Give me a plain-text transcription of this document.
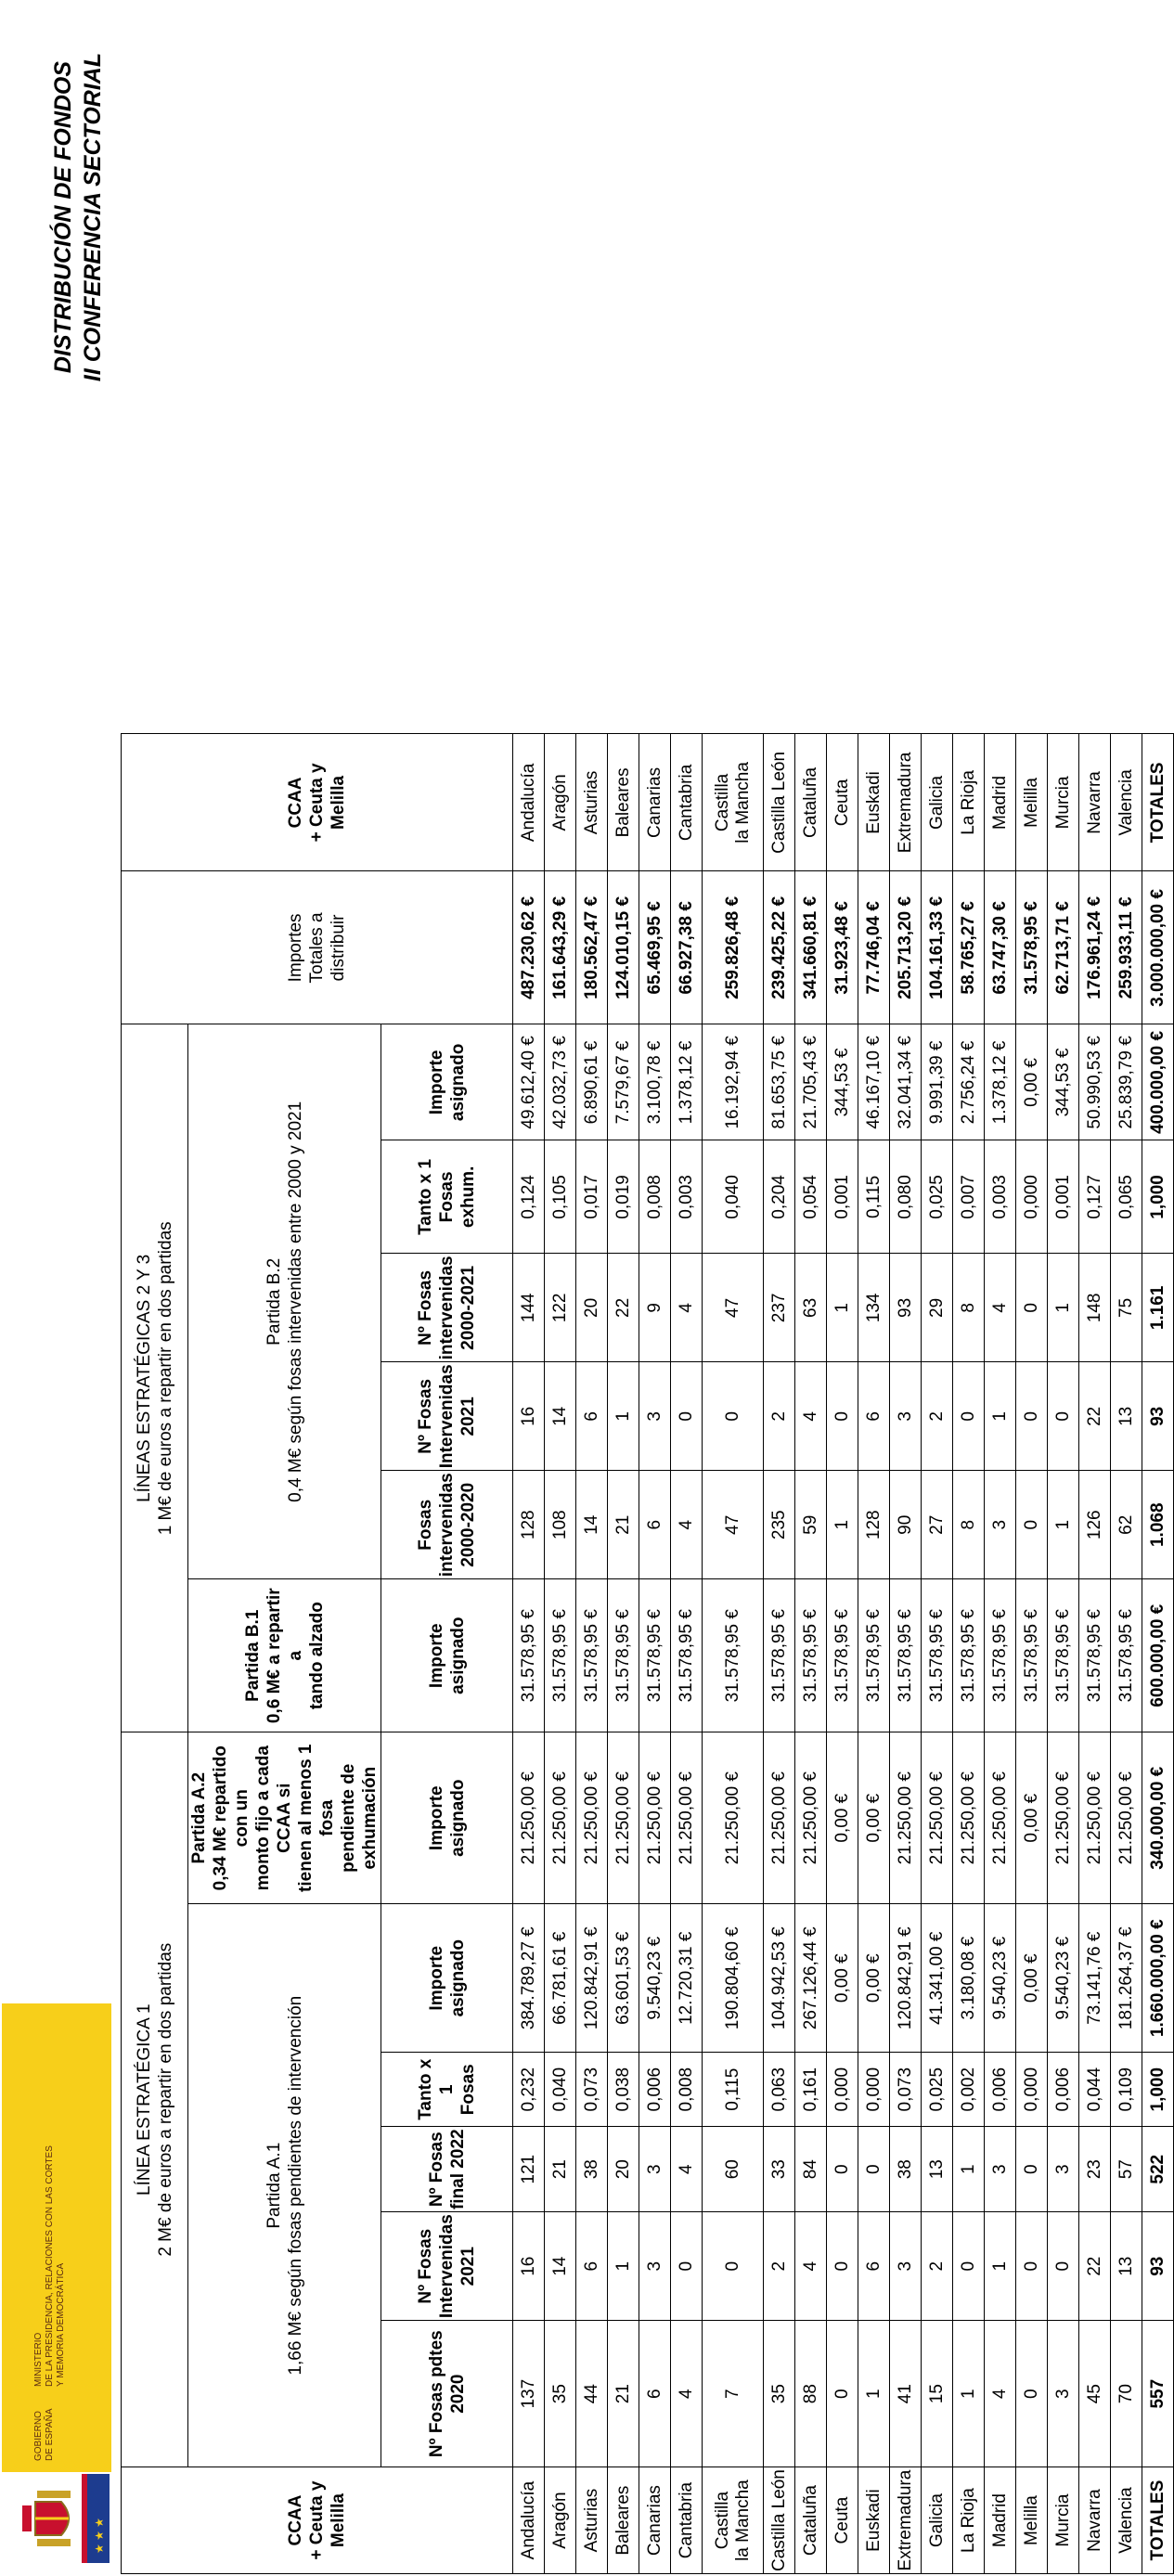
★ ★ ★
GOBIERNO DE ESPAÑA
MINISTERIO DE LA PRESIDENCIA, RELACIONES CON LAS CORTES Y MEMORIA DEMOCRÁTICA
DISTRIBUCIÓN DE FONDOS II CONFERENCIA SECTORIAL
CCAA + Ceuta y Melilla	LÍNEA ESTRATÉGICA 1 2 M€ de euros a repartir en dos partidas						LÍNEAS ESTRATÉGICAS 2 Y 3 1 M€ de euros a repartir en dos partidas						Importes Totales a distribuir	CCAA + Ceuta y Melilla

	Partida A.1 1,66 M€ según fosas pendientes de intervención					Partida A.2 0,34 M€ repartido con un monto fijo a cada CCAA si tienen al menos 1 fosa pendiente de exhumación	Partida B.1 0,6 M€ a repartir a tando alzado	Partida B.2 0,4 M€ según fosas intervenidas entre 2000 y 2021						

	Nº Fosas pdtes 2020	Nº Fosas Intervenidas 2021	Nº Fosas final 2022	Tanto x 1 Fosas	Importe asignado	Importe asignado	Importe asignado	Fosas intervenidas 2000-2020	Nº Fosas Intervenidas 2021	Nº Fosas intervenidas 2000-2021	Tanto x 1 Fosas exhum.	Importe asignado		

Andalucía	137	16	121	0,232	384.789,27 €	21.250,00 €	31.578,95 €	128	16	144	0,124	49.612,40 €	487.230,62 €	Andalucía
Aragón	35	14	21	0,040	66.781,61 €	21.250,00 €	31.578,95 €	108	14	122	0,105	42.032,73 €	161.643,29 €	Aragón
Asturias	44	6	38	0,073	120.842,91 €	21.250,00 €	31.578,95 €	14	6	20	0,017	6.890,61 €	180.562,47 €	Asturias
Baleares	21	1	20	0,038	63.601,53 €	21.250,00 €	31.578,95 €	21	1	22	0,019	7.579,67 €	124.010,15 €	Baleares
Canarias	6	3	3	0,006	9.540,23 €	21.250,00 €	31.578,95 €	6	3	9	0,008	3.100,78 €	65.469,95 €	Canarias
Cantabria	4	0	4	0,008	12.720,31 €	21.250,00 €	31.578,95 €	4	0	4	0,003	1.378,12 €	66.927,38 €	Cantabria

Castilla la Mancha	7	0	60	0,115	190.804,60 €	21.250,00 €	31.578,95 €	47	0	47	0,040	16.192,94 €	259.826,48 €	Castilla la Mancha

Castilla León	35	2	33	0,063	104.942,53 €	21.250,00 €	31.578,95 €	235	2	237	0,204	81.653,75 €	239.425,22 €	Castilla León
Cataluña	88	4	84	0,161	267.126,44 €	21.250,00 €	31.578,95 €	59	4	63	0,054	21.705,43 €	341.660,81 €	Cataluña
Ceuta	0	0	0	0,000	0,00 €	0,00 €	31.578,95 €	1	0	1	0,001	344,53 €	31.923,48 €	Ceuta
Euskadi	1	6	0	0,000	0,00 €	0,00 €	31.578,95 €	128	6	134	0,115	46.167,10 €	77.746,04 €	Euskadi
Extremadura	41	3	38	0,073	120.842,91 €	21.250,00 €	31.578,95 €	90	3	93	0,080	32.041,34 €	205.713,20 €	Extremadura
Galicia	15	2	13	0,025	41.341,00 €	21.250,00 €	31.578,95 €	27	2	29	0,025	9.991,39 €	104.161,33 €	Galicia
La Rioja	1	0	1	0,002	3.180,08 €	21.250,00 €	31.578,95 €	8	0	8	0,007	2.756,24 €	58.765,27 €	La Rioja
Madrid	4	1	3	0,006	9.540,23 €	21.250,00 €	31.578,95 €	3	1	4	0,003	1.378,12 €	63.747,30 €	Madrid
Melilla	0	0	0	0,000	0,00 €	0,00 €	31.578,95 €	0	0	0	0,000	0,00 €	31.578,95 €	Melilla
Murcia	3	0	3	0,006	9.540,23 €	21.250,00 €	31.578,95 €	1	0	1	0,001	344,53 €	62.713,71 €	Murcia
Navarra	45	22	23	0,044	73.141,76 €	21.250,00 €	31.578,95 €	126	22	148	0,127	50.990,53 €	176.961,24 €	Navarra
Valencia	70	13	57	0,109	181.264,37 €	21.250,00 €	31.578,95 €	62	13	75	0,065	25.839,79 €	259.933,11 €	Valencia
TOTALES	557	93	522	1,000	1.660.000,00 €	340.000,00 €	600.000,00 €	1.068	93	1.161	1,000	400.000,00 €	3.000.000,00 €	TOTALES
